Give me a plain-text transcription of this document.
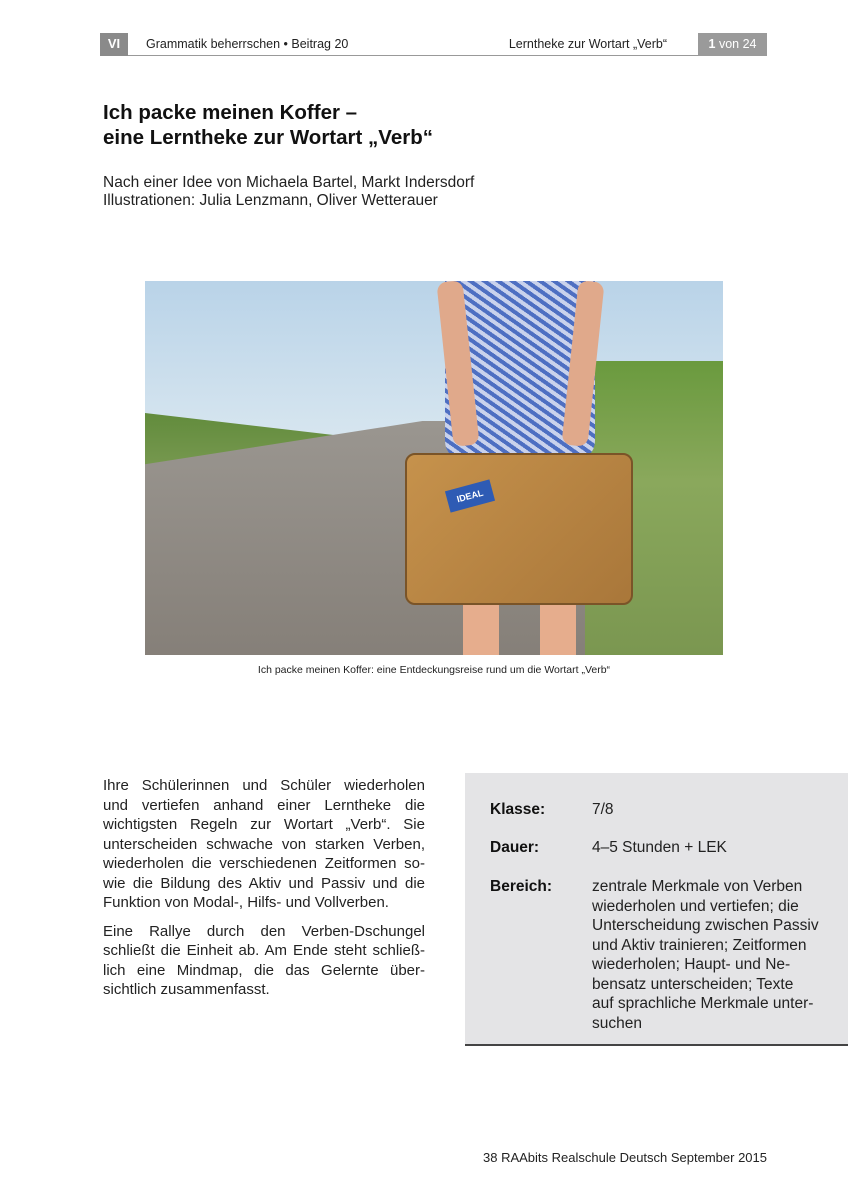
VI	Grammatik beherrschen • Beitrag 20	Lerntheke zur Wortart „Verb“	1 von 24
Ich packe meinen Koffer –
eine Lerntheke zur Wortart „Verb“
Nach einer Idee von Michaela Bartel, Markt Indersdorf
Illustrationen: Julia Lenzmann, Oliver Wetterauer
IDEAL
Ich packe meinen Koffer: eine Entdeckungsreise rund um die Wortart „Verb“
Ihre Schülerinnen und Schüler wiederholen
und vertiefen anhand einer Lerntheke die
wichtigsten Regeln zur Wortart „Verb“. Sie
unterscheiden schwache von starken Verben,
wiederholen die verschiedenen Zeitformen so-
wie die Bildung des Aktiv und Passiv und die
Funktion von Modal-, Hilfs- und Vollverben.
Eine Rallye durch den Verben-Dschungel
schließt die Einheit ab. Am Ende steht schließ-
lich eine Mindmap, die das Gelernte über-
sichtlich zusammenfasst.
Klasse:	7/8
Dauer:	4–5 Stunden + LEK
Bereich:	zentrale Merkmale von Verben
wiederholen und vertiefen; die
Unterscheidung zwischen Passiv
und Aktiv trainieren; Zeitformen
wiederholen; Haupt- und Ne-
bensatz unterscheiden; Texte
auf sprachliche Merkmale unter-
suchen
38 RAAbits Realschule Deutsch September 2015
